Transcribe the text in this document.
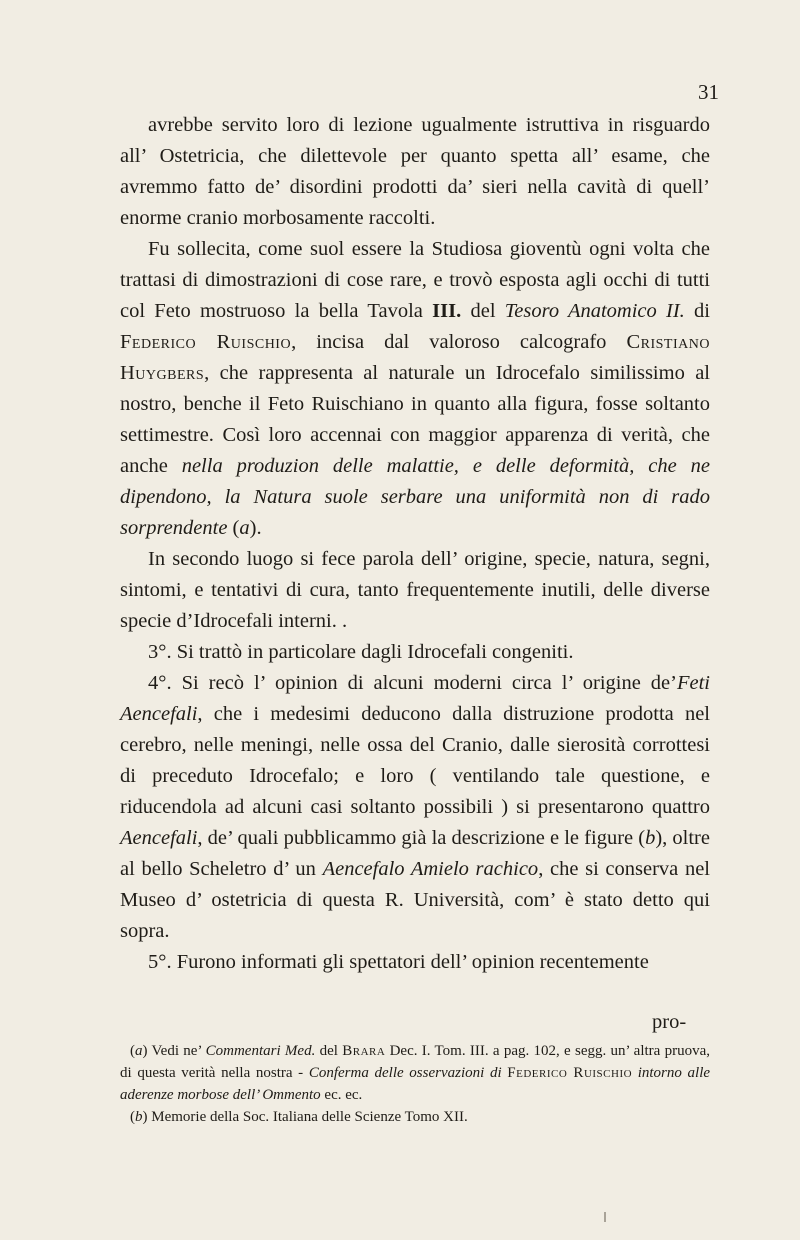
31

avrebbe servito loro di lezione ugualmente istruttiva in risguardo all’ Ostetricia, che dilettevole per quanto spetta all’ esame, che avremmo fatto de’ disordini prodotti da’ sieri nella cavità di quell’ enorme cranio morbosamente raccolti.

Fu sollecita, come suol essere la Studiosa gioventù ogni volta che trattasi di dimostrazioni di cose rare, e trovò esposta agli occhi di tutti col Feto mostruoso la bella Tavola III. del Tesoro Anatomico II. di Federico Ruischio, incisa dal valoroso calcografo Cristiano Huygbers, che rappresenta al naturale un Idrocefalo similissimo al nostro, benche il Feto Ruischiano in quanto alla figura, fosse soltanto settimestre. Così loro accennai con maggior apparenza di verità, che anche nella produzion delle malattie, e delle deformità, che ne dipendono, la Natura suole serbare una uniformità non di rado sorprendente (a).

In secondo luogo si fece parola dell’ origine, specie, natura, segni, sintomi, e tentativi di cura, tanto frequentemente inutili, delle diverse specie d’Idrocefali interni. .

3°. Si trattò in particolare dagli Idrocefali congeniti.

4°. Si recò l’ opinion di alcuni moderni circa l’ origine de’Feti Aencefali, che i medesimi deducono dalla distruzione prodotta nel cerebro, nelle meningi, nelle ossa del Cranio, dalle sierosità corrottesi di preceduto Idrocefalo; e loro ( ventilando tale questione, e riducendola ad alcuni casi soltanto possibili ) si presentarono quattro Aencefali, de’ quali pubblicammo già la descrizione e le figure (b), oltre al bello Scheletro d’ un Aencefalo Amielo rachico, che si conserva nel Museo d’ ostetricia di questa R. Università, com’ è stato detto qui sopra.

5°. Furono informati gli spettatori dell’ opinion recentemente

pro-

(a) Vedi ne’ Commentari Med. del Brara Dec. I. Tom. III. a pag. 102, e segg. un’ altra pruova, di questa verità nella nostra - Conferma delle osservazioni di Federico Ruischio intorno alle aderenze morbose dell’ Ommento ec. ec.

(b) Memorie della Soc. Italiana delle Scienze Tomo XII.
